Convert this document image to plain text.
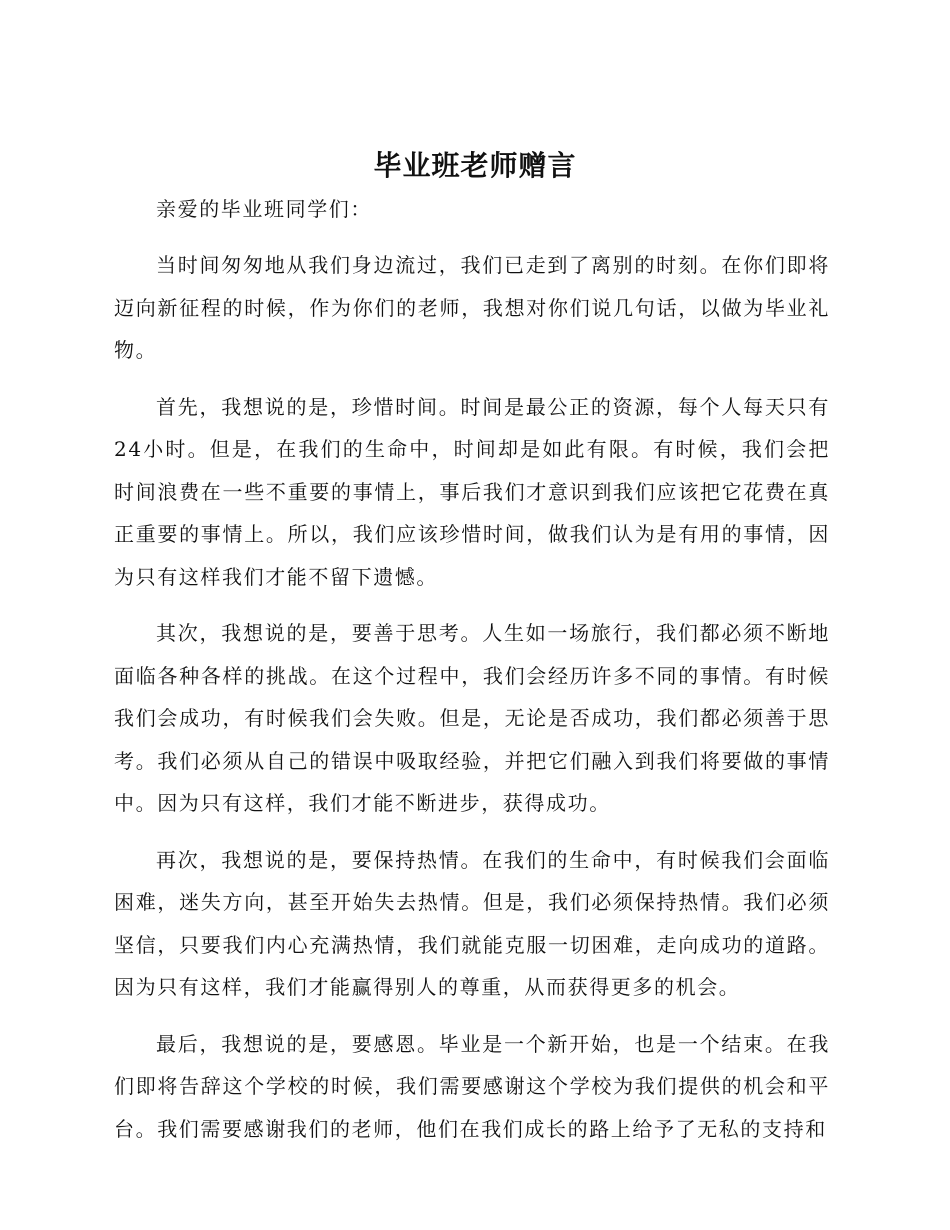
毕业班老师赠言

亲爱的毕业班同学们：

当时间匆匆地从我们身边流过，我们已走到了离别的时刻。在你们即将迈向新征程的时候，作为你们的老师，我想对你们说几句话，以做为毕业礼物。

首先，我想说的是，珍惜时间。时间是最公正的资源，每个人每天只有24小时。但是，在我们的生命中，时间却是如此有限。有时候，我们会把时间浪费在一些不重要的事情上，事后我们才意识到我们应该把它花费在真正重要的事情上。所以，我们应该珍惜时间，做我们认为是有用的事情，因为只有这样我们才能不留下遗憾。

其次，我想说的是，要善于思考。人生如一场旅行，我们都必须不断地面临各种各样的挑战。在这个过程中，我们会经历许多不同的事情。有时候我们会成功，有时候我们会失败。但是，无论是否成功，我们都必须善于思考。我们必须从自己的错误中吸取经验，并把它们融入到我们将要做的事情中。因为只有这样，我们才能不断进步，获得成功。

再次，我想说的是，要保持热情。在我们的生命中，有时候我们会面临困难，迷失方向，甚至开始失去热情。但是，我们必须保持热情。我们必须坚信，只要我们内心充满热情，我们就能克服一切困难，走向成功的道路。因为只有这样，我们才能赢得别人的尊重，从而获得更多的机会。

最后，我想说的是，要感恩。毕业是一个新开始，也是一个结束。在我们即将告辞这个学校的时候，我们需要感谢这个学校为我们提供的机会和平台。我们需要感谢我们的老师，他们在我们成长的路上给予了无私的支持和
